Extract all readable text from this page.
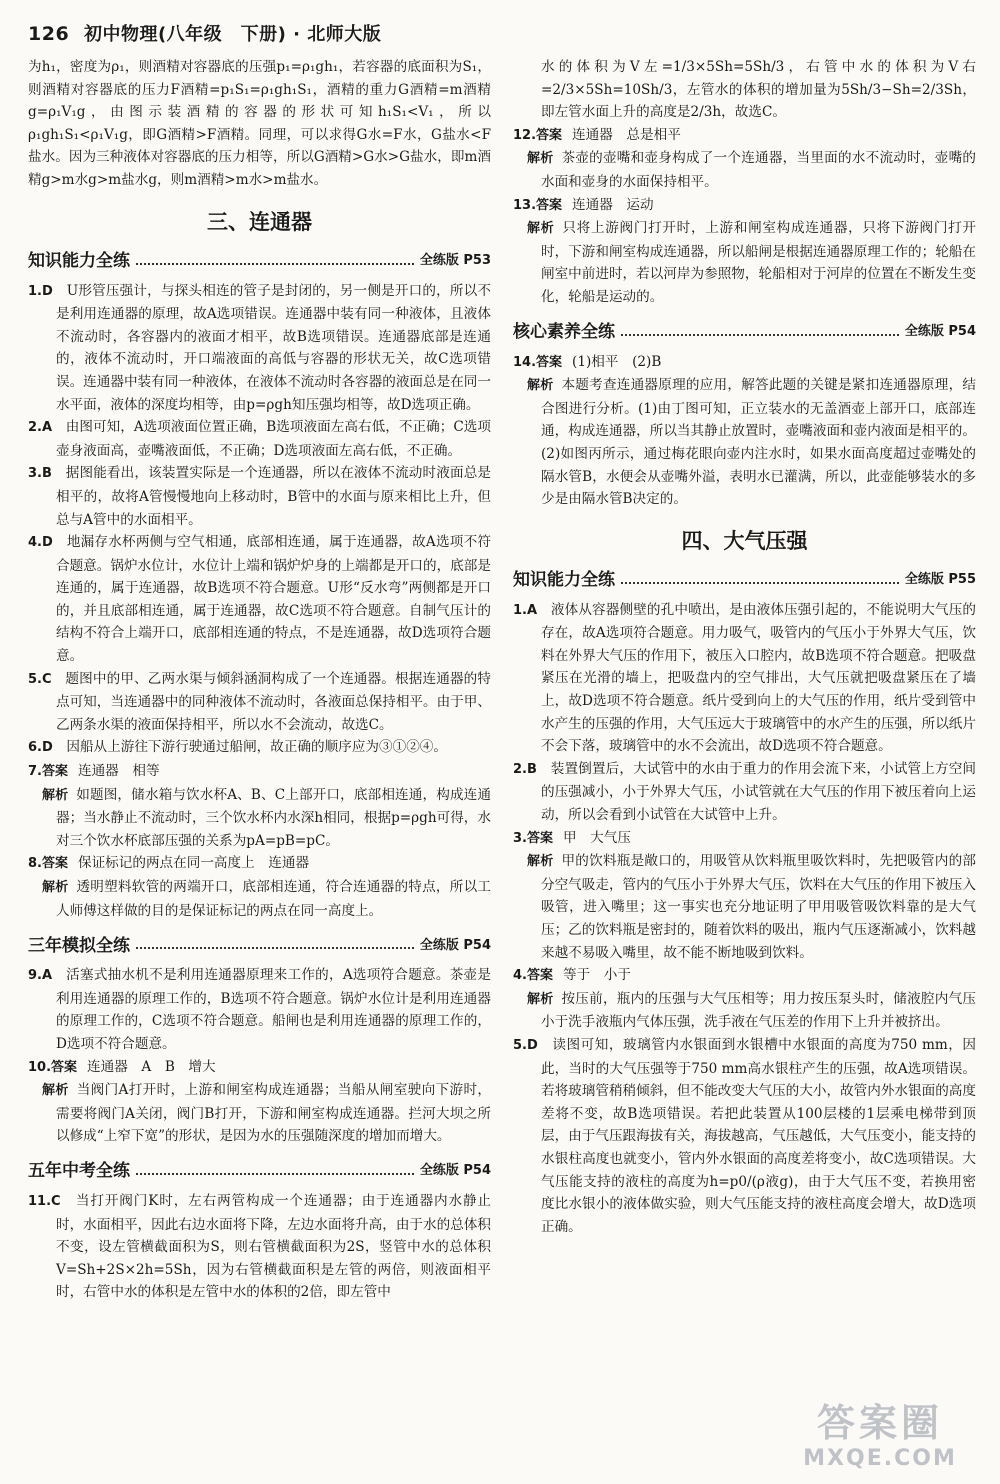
126 初中物理(八年级　下册) · 北师大版

为h₁，密度为ρ₁，则酒精对容器底的压强p₁=ρ₁gh₁，若容器的底面积为S₁，则酒精对容器底的压力F酒精=p₁S₁=ρ₁gh₁S₁，酒精的重力G酒精=m酒精g=ρ₁V₁g，由图示装酒精的容器的形状可知h₁S₁<V₁，所以ρ₁gh₁S₁<ρ₁V₁g，即G酒精>F酒精。同理，可以求得G水=F水，G盐水<F盐水。因为三种液体对容器底的压力相等，所以G酒精>G水>G盐水，即m酒精g>m水g>m盐水g，则m酒精>m水>m盐水。

三、连通器
知识能力全练	全练版 P53

1.D　 U形管压强计，与探头相连的管子是封闭的，另一侧是开口的，所以不是利用连通器的原理，故A选项错误。连通器中装有同一种液体，且液体不流动时，各容器内的液面才相平，故B选项错误。连通器底部是连通的，液体不流动时，开口端液面的高低与容器的形状无关，故C选项错误。连通器中装有同一种液体，在液体不流动时各容器的液面总是在同一水平面，液体的深度均相等，由p=ρgh知压强均相等，故D选项正确。

2.A　 由图可知，A选项液面位置正确，B选项液面左高右低，不正确；C选项壶身液面高，壶嘴液面低，不正确；D选项液面左高右低，不正确。

3.B　 据图能看出，该装置实际是一个连通器，所以在液体不流动时液面总是相平的，故将A管慢慢地向上移动时，B管中的水面与原来相比上升，但总与A管中的水面相平。

4.D　 地漏存水杯两侧与空气相通，底部相连通，属于连通器，故A选项不符合题意。锅炉水位计，水位计上端和锅炉炉身的上端都是开口的，底部是连通的，属于连通器，故B选项不符合题意。U形“反水弯”两侧都是开口的，并且底部相连通，属于连通器，故C选项不符合题意。自制气压计的结构不符合上端开口，底部相连通的特点，不是连通器，故D选项符合题意。

5.C　 题图中的甲、乙两水渠与倾斜涵洞构成了一个连通器。根据连通器的特点可知，当连通器中的同种液体不流动时，各液面总保持相平。由于甲、乙两条水渠的液面保持相平，所以水不会流动，故选C。

6.D　 因船从上游往下游行驶通过船闸，故正确的顺序应为③①②④。

7.答案 连通器　相等

解析 如题图，储水箱与饮水杯A、B、C上部开口，底部相连通，构成连通器；当水静止不流动时，三个饮水杯内水深h相同，根据p=ρgh可得，水对三个饮水杯底部压强的关系为pA=pB=pC。

8.答案 保证标记的两点在同一高度上　连通器

解析 透明塑料软管的两端开口，底部相连通，符合连通器的特点，所以工人师傅这样做的目的是保证标记的两点在同一高度上。

三年模拟全练	全练版 P54

9.A　 活塞式抽水机不是利用连通器原理来工作的，A选项符合题意。茶壶是利用连通器的原理工作的，B选项不符合题意。锅炉水位计是利用连通器的原理工作的，C选项不符合题意。船闸也是利用连通器的原理工作的，D选项不符合题意。

10.答案 连通器　A　B　增大

解析 当阀门A打开时，上游和闸室构成连通器；当船从闸室驶向下游时，需要将阀门A关闭，阀门B打开，下游和闸室构成连通器。拦河大坝之所以修成“上窄下宽”的形状，是因为水的压强随深度的增加而增大。

五年中考全练	全练版 P54

11.C　 当打开阀门K时，左右两管构成一个连通器；由于连通器内水静止时，水面相平，因此右边水面将下降，左边水面将升高，由于水的总体积不变，设左管横截面积为S，则右管横截面积为2S，竖管中水的总体积V=Sh+2S×2h=5Sh，因为右管横截面积是左管的两倍，则液面相平时，右管中水的体积是左管中水的体积的2倍，即左管中

水的体积为V左=1/3×5Sh=5Sh/3，右管中水的体积为V右=2/3×5Sh=10Sh/3，左管水的体积的增加量为5Sh/3−Sh=2/3Sh，即左管水面上升的高度是2/3h，故选C。

12.答案 连通器　总是相平

解析 茶壶的壶嘴和壶身构成了一个连通器，当里面的水不流动时，壶嘴的水面和壶身的水面保持相平。

13.答案 连通器　运动

解析 只将上游阀门打开时，上游和闸室构成连通器，只将下游阀门打开时，下游和闸室构成连通器，所以船闸是根据连通器原理工作的；轮船在闸室中前进时，若以河岸为参照物，轮船相对于河岸的位置在不断发生变化，轮船是运动的。

核心素养全练	全练版 P54

14.答案 (1)相平　(2)B

解析 本题考查连通器原理的应用，解答此题的关键是紧扣连通器原理，结合图进行分析。(1)由丁图可知，正立装水的无盖酒壶上部开口，底部连通，构成连通器，所以当其静止放置时，壶嘴液面和壶内液面是相平的。

(2)如图丙所示，通过梅花眼向壶内注水时，如果水面高度超过壶嘴处的隔水管B，水便会从壶嘴外溢，表明水已灌满，所以，此壶能够装水的多少是由隔水管B决定的。

四、大气压强
知识能力全练	全练版 P55

1.A　 液体从容器侧壁的孔中喷出，是由液体压强引起的，不能说明大气压的存在，故A选项符合题意。用力吸气，吸管内的气压小于外界大气压，饮料在外界大气压的作用下，被压入口腔内，故B选项不符合题意。把吸盘紧压在光滑的墙上，把吸盘内的空气排出，大气压就把吸盘紧压在了墙上，故D选项不符合题意。纸片受到向上的大气压的作用，纸片受到管中水产生的压强的作用，大气压远大于玻璃管中的水产生的压强，所以纸片不会下落，玻璃管中的水不会流出，故D选项不符合题意。

2.B　 装置倒置后，大试管中的水由于重力的作用会流下来，小试管上方空间的压强减小，小于外界大气压，小试管就在大气压的作用下被压着向上运动，所以会看到小试管在大试管中上升。

3.答案 甲　大气压

解析 甲的饮料瓶是敞口的，用吸管从饮料瓶里吸饮料时，先把吸管内的部分空气吸走，管内的气压小于外界大气压，饮料在大气压的作用下被压入吸管，进入嘴里；这一事实也充分地证明了甲用吸管吸饮料靠的是大气压；乙的饮料瓶是密封的，随着饮料的吸出，瓶内气压逐渐减小，饮料越来越不易吸入嘴里，故不能不断地吸到饮料。

4.答案 等于　小于

解析 按压前，瓶内的压强与大气压相等；用力按压泵头时，储液腔内气压小于洗手液瓶内气体压强，洗手液在气压差的作用下上升并被挤出。

5.D　 读图可知，玻璃管内水银面到水银槽中水银面的高度为750 mm，因此，当时的大气压强等于750 mm高水银柱产生的压强，故A选项错误。若将玻璃管稍稍倾斜，但不能改变大气压的大小，故管内外水银面的高度差将不变，故B选项错误。若把此装置从100层楼的1层乘电梯带到顶层，由于气压跟海拔有关，海拔越高，气压越低，大气压变小，能支持的水银柱高度也就变小，管内外水银面的高度差将变小，故C选项错误。大气压能支持的液柱的高度为h=p0/(ρ液g)，由于大气压不变，若换用密度比水银小的液体做实验，则大气压能支持的液柱高度会增大，故D选项正确。

答案圈
MXQE.COM
